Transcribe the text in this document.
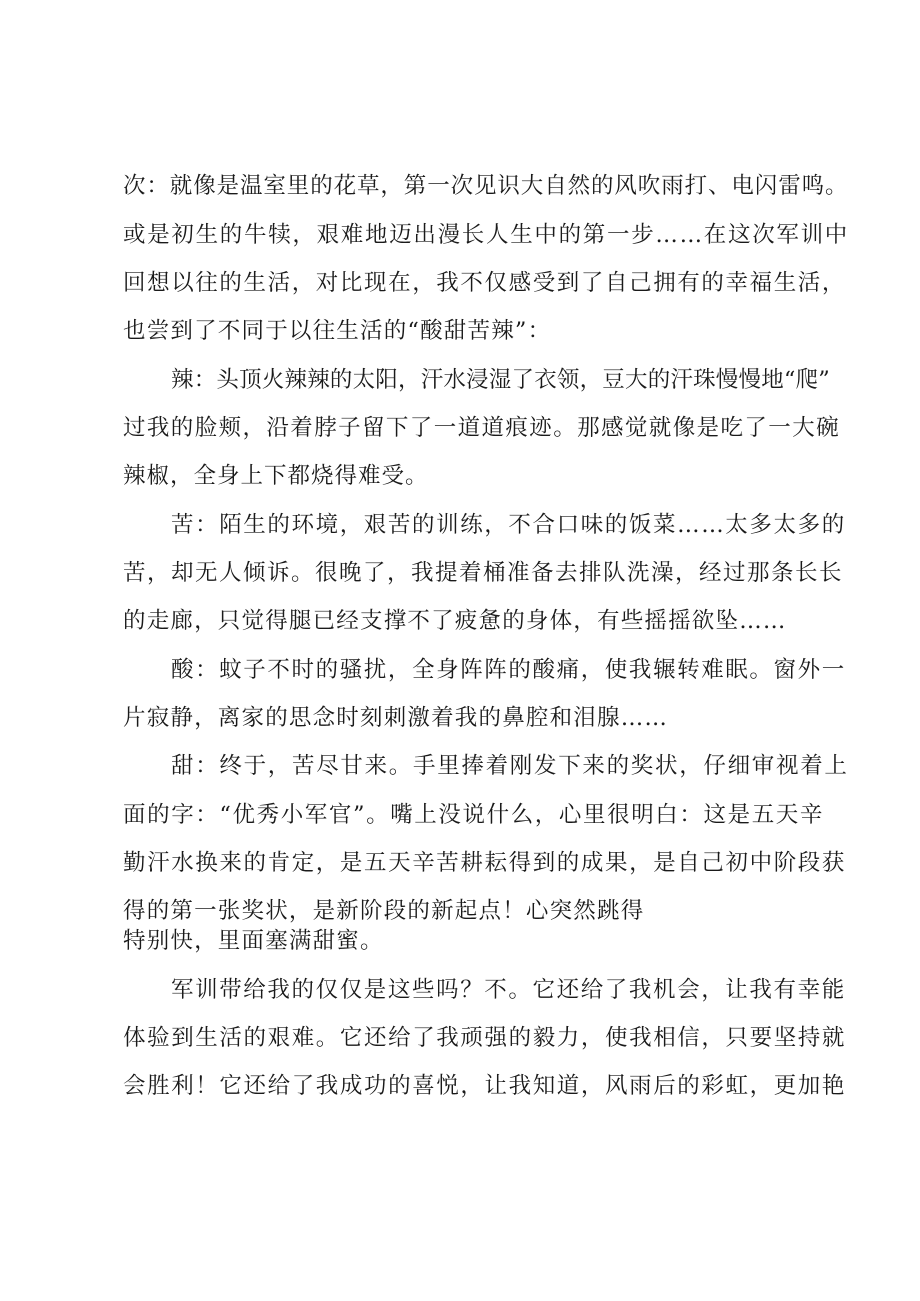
次：就像是温室里的花草，第一次见识大自然的风吹雨打、电闪雷鸣。
或是初生的牛犊，艰难地迈出漫长人生中的第一步……在这次军训中
回想以往的生活，对比现在，我不仅感受到了自己拥有的幸福生活，
也尝到了不同于以往生活的“酸甜苦辣”：
辣：头顶火辣辣的太阳，汗水浸湿了衣领，豆大的汗珠慢慢地“爬”
过我的脸颊，沿着脖子留下了一道道痕迹。那感觉就像是吃了一大碗
辣椒，全身上下都烧得难受。
苦：陌生的环境，艰苦的训练，不合口味的饭菜……太多太多的
苦，却无人倾诉。很晚了，我提着桶准备去排队洗澡，经过那条长长
的走廊，只觉得腿已经支撑不了疲惫的身体，有些摇摇欲坠……
酸：蚊子不时的骚扰，全身阵阵的酸痛，使我辗转难眠。窗外一
片寂静，离家的思念时刻刺激着我的鼻腔和泪腺……
甜：终于，苦尽甘来。手里捧着刚发下来的奖状，仔细审视着上
面的字：“优秀小军官”。嘴上没说什么，心里很明白：这是五天辛
勤汗水换来的肯定，是五天辛苦耕耘得到的成果，是自己初中阶段获
得的第一张奖状，是新阶段的新起点！心突然跳得
特别快，里面塞满甜蜜。
军训带给我的仅仅是这些吗？不。它还给了我机会，让我有幸能
体验到生活的艰难。它还给了我顽强的毅力，使我相信，只要坚持就
会胜利！它还给了我成功的喜悦，让我知道，风雨后的彩虹，更加艳
